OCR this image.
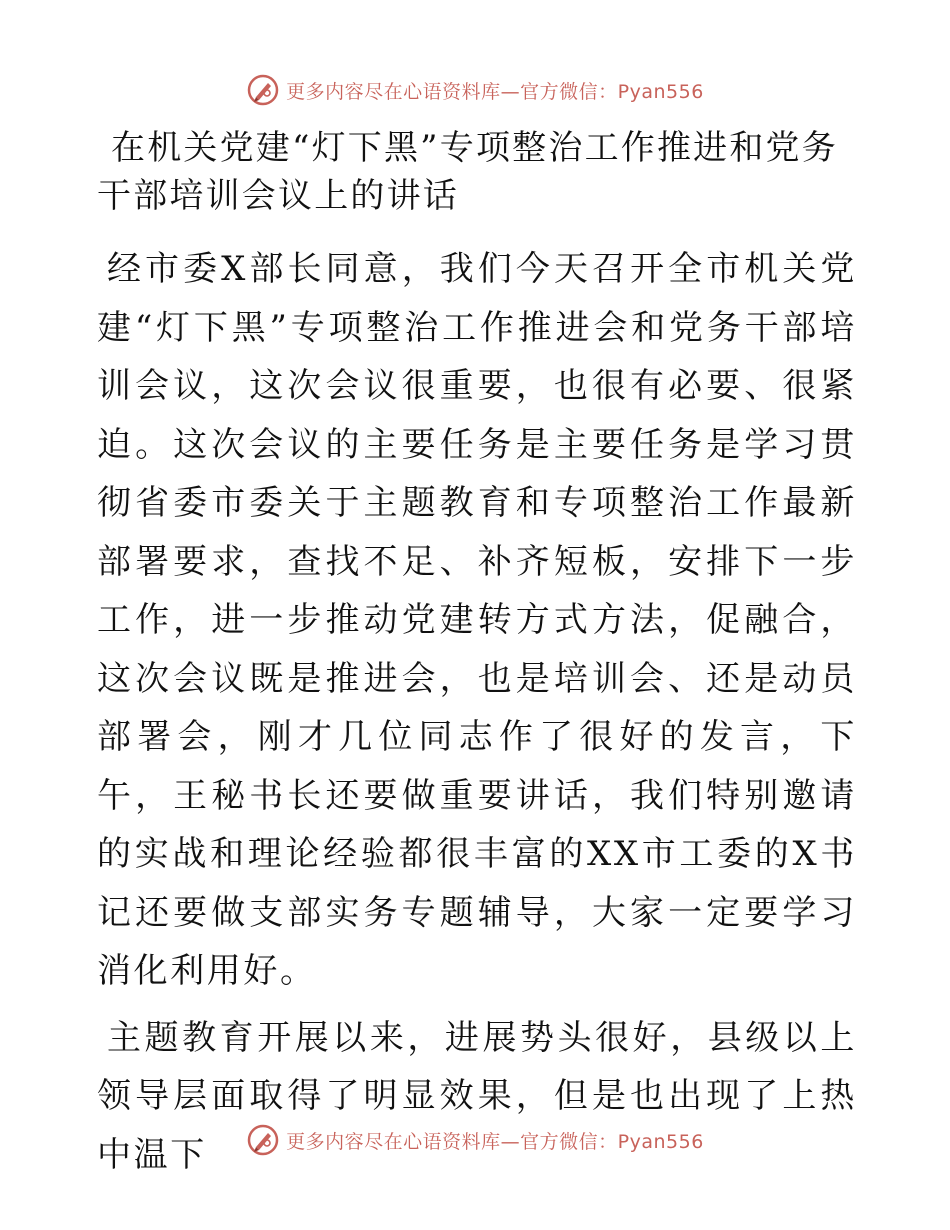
更多内容尽在心语资料库—官方微信：Pyan556
在机关党建“灯下黑”专项整治工作推进和党务
干部培训会议上的讲话

经市委X部长同意，我们今天召开全市机关党建“灯下黑”专项整治工作推进会和党务干部培训会议，这次会议很重要，也很有必要、很紧迫。这次会议的主要任务是主要任务是学习贯彻省委市委关于主题教育和专项整治工作最新部署要求，查找不足、补齐短板，安排下一步工作，进一步推动党建转方式方法，促融合，这次会议既是推进会，也是培训会、还是动员部署会，刚才几位同志作了很好的发言，下午，王秘书长还要做重要讲话，我们特别邀请的实战和理论经验都很丰富的XX市工委的X书记还要做支部实务专题辅导，大家一定要学习消化利用好。

主题教育开展以来，进展势头很好，县级以上领导层面取得了明显效果，但是也出现了上热中温下	更多内容尽在心语资料库—官方微信：Pyan556
